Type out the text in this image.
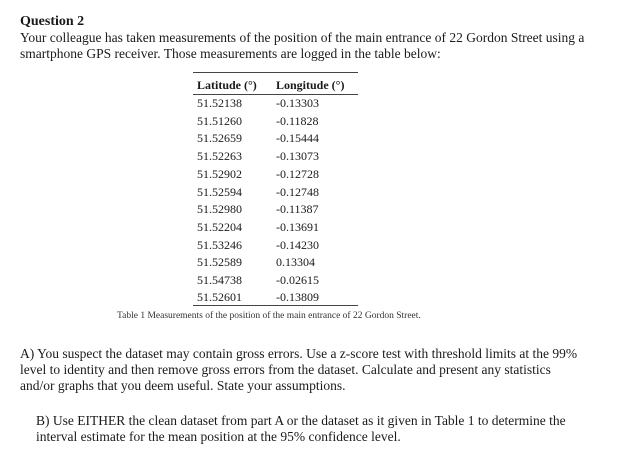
Question 2
Your colleague has taken measurements of the position of the main entrance of 22 Gordon Street using a smartphone GPS receiver. Those measurements are logged in the table below:
Latitude (°)	Longitude (°)
51.52138	-0.13303
51.51260	-0.11828
51.52659	-0.15444
51.52263	-0.13073
51.52902	-0.12728
51.52594	-0.12748
51.52980	-0.11387
51.52204	-0.13691
51.53246	-0.14230
51.52589	0.13304
51.54738	-0.02615
51.52601	-0.13809
Table 1 Measurements of the position of the main entrance of 22 Gordon Street.
A) You suspect the dataset may contain gross errors. Use a z-score test with threshold limits at the 99% level to identity and then remove gross errors from the dataset. Calculate and present any statistics and/or graphs that you deem useful. State your assumptions.
B) Use EITHER the clean dataset from part A or the dataset as it given in Table 1 to determine the interval estimate for the mean position at the 95% confidence level.
